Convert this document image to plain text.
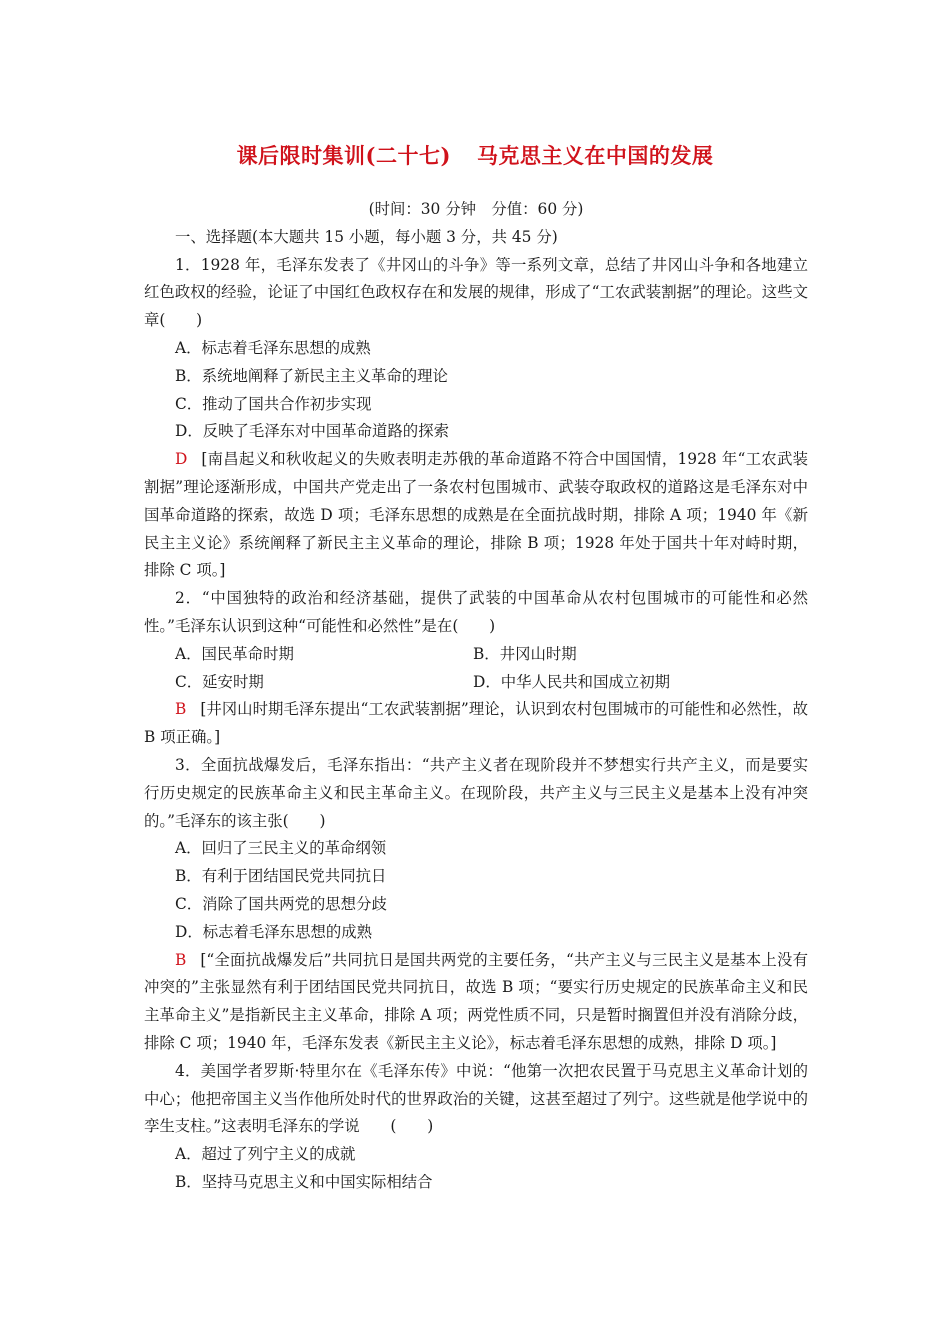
课后限时集训(二十七) 马克思主义在中国的发展
(时间：30 分钟　分值：60 分)
一、选择题(本大题共 15 小题，每小题 3 分，共 45 分)
1．1928 年，毛泽东发表了《井冈山的斗争》等一系列文章，总结了井冈山斗争和各地建立红色政权的经验，论证了中国红色政权存在和发展的规律，形成了“工农武装割据”的理论。这些文章(　　)
A．标志着毛泽东思想的成熟
B．系统地阐释了新民主主义革命的理论
C．推动了国共合作初步实现
D．反映了毛泽东对中国革命道路的探索
D [南昌起义和秋收起义的失败表明走苏俄的革命道路不符合中国国情，1928 年“工农武装割据”理论逐渐形成，中国共产党走出了一条农村包围城市、武装夺取政权的道路这是毛泽东对中国革命道路的探索，故选 D 项；毛泽东思想的成熟是在全面抗战时期，排除 A 项；1940 年《新民主主义论》系统阐释了新民主主义革命的理论，排除 B 项；1928 年处于国共十年对峙时期，排除 C 项。]
2．“中国独特的政治和经济基础，提供了武装的中国革命从农村包围城市的可能性和必然性。”毛泽东认识到这种“可能性和必然性”是在(　　)
A．国民革命时期	B．井冈山时期
C．延安时期	D．中华人民共和国成立初期
B [井冈山时期毛泽东提出“工农武装割据”理论，认识到农村包围城市的可能性和必然性，故 B 项正确。]
3．全面抗战爆发后，毛泽东指出：“共产主义者在现阶段并不梦想实行共产主义，而是要实行历史规定的民族革命主义和民主革命主义。在现阶段，共产主义与三民主义是基本上没有冲突的。”毛泽东的该主张(　　)
A．回归了三民主义的革命纲领
B．有利于团结国民党共同抗日
C．消除了国共两党的思想分歧
D．标志着毛泽东思想的成熟
B [“全面抗战爆发后”共同抗日是国共两党的主要任务，“共产主义与三民主义是基本上没有冲突的”主张显然有利于团结国民党共同抗日，故选 B 项；“要实行历史规定的民族革命主义和民主革命主义”是指新民主主义革命，排除 A 项；两党性质不同，只是暂时搁置但并没有消除分歧，排除 C 项；1940 年，毛泽东发表《新民主主义论》，标志着毛泽东思想的成熟，排除 D 项。]
4．美国学者罗斯·特里尔在《毛泽东传》中说：“他第一次把农民置于马克思主义革命计划的中心；他把帝国主义当作他所处时代的世界政治的关键，这甚至超过了列宁。这些就是他学说中的孪生支柱。”这表明毛泽东的学说　　(　　)
A．超过了列宁主义的成就
B．坚持马克思主义和中国实际相结合
